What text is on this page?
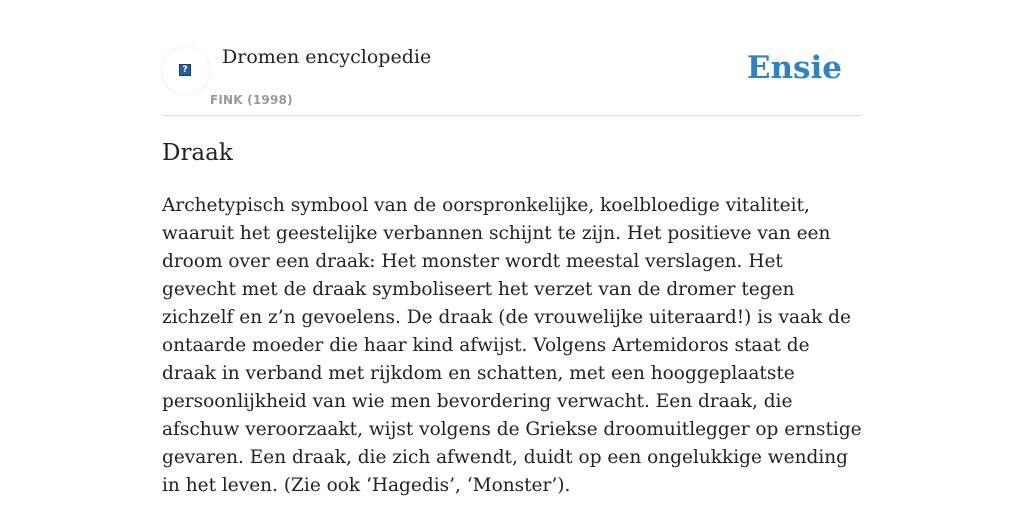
?
Dromen encyclopedie
FINK (1998)
Ensie
Draak

Archetypisch symbool van de oorspronkelijke, koelbloedige vitaliteit, waaruit het geestelijke verbannen schijnt te zijn. Het positieve van een droom over een draak: Het monster wordt meestal verslagen. Het gevecht met de draak symboliseert het verzet van de dromer tegen zichzelf en z’n gevoelens. De draak (de vrouwelijke uiteraard!) is vaak de ontaarde moeder die haar kind afwijst. Volgens Artemidoros staat de draak in verband met rijkdom en schatten, met een hooggeplaatste persoonlijkheid van wie men bevordering verwacht. Een draak, die afschuw veroorzaakt, wijst volgens de Griekse droomuitlegger op ernstige gevaren. Een draak, die zich afwendt, duidt op een ongelukkige wending in het leven. (Zie ook ‘Hagedis’, ‘Monster’).
